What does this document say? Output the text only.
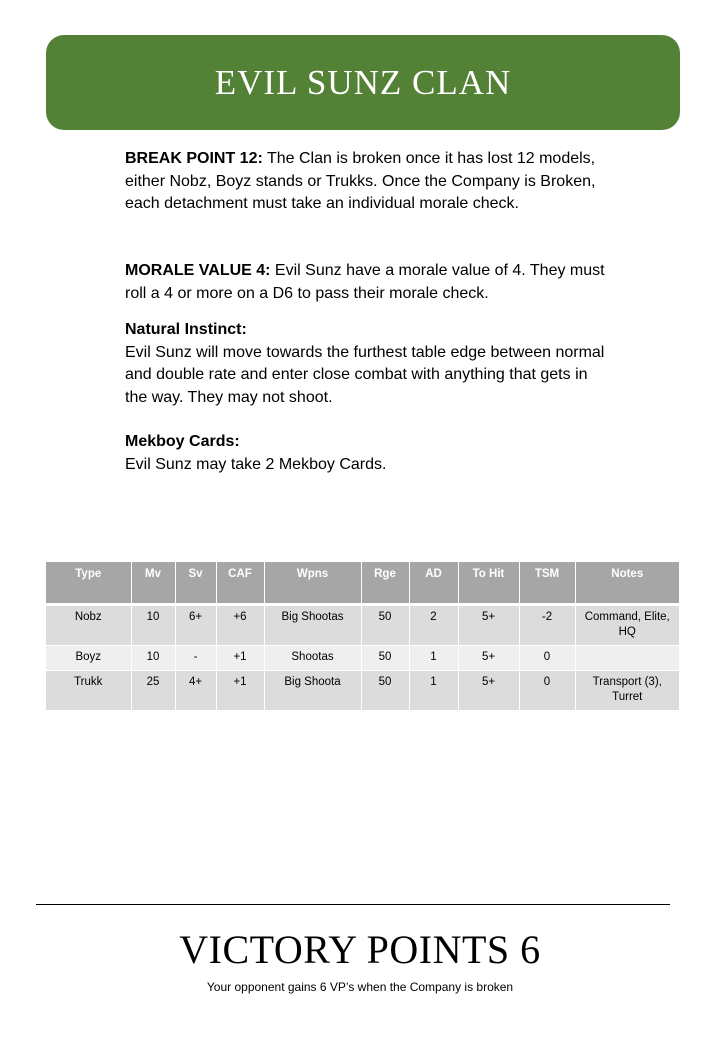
EVIL SUNZ CLAN

BREAK POINT 12: The Clan is broken once it has lost 12 models, either Nobz, Boyz stands or Trukks. Once the Company is Broken, each detachment must take an individual morale check.

MORALE VALUE 4: Evil Sunz have a morale value of 4. They must roll a 4 or more on a D6 to pass their morale check.

Natural Instinct:

Evil Sunz will move towards the furthest table edge between normal and double rate and enter close combat with anything that gets in the way. They may not shoot.

Mekboy Cards:

Evil Sunz may take 2 Mekboy Cards.

Type	Mv	Sv	CAF	Wpns	Rge	AD	To Hit	TSM	Notes
Nobz	10	6+	+6	Big Shootas	50	2	5+	-2	Command, Elite, HQ
Boyz	10	-	+1	Shootas	50	1	5+	0	
Trukk	25	4+	+1	Big Shoota	50	1	5+	0	Transport (3), Turret
VICTORY POINTS 6
Your opponent gains 6 VP’s when the Company is broken
